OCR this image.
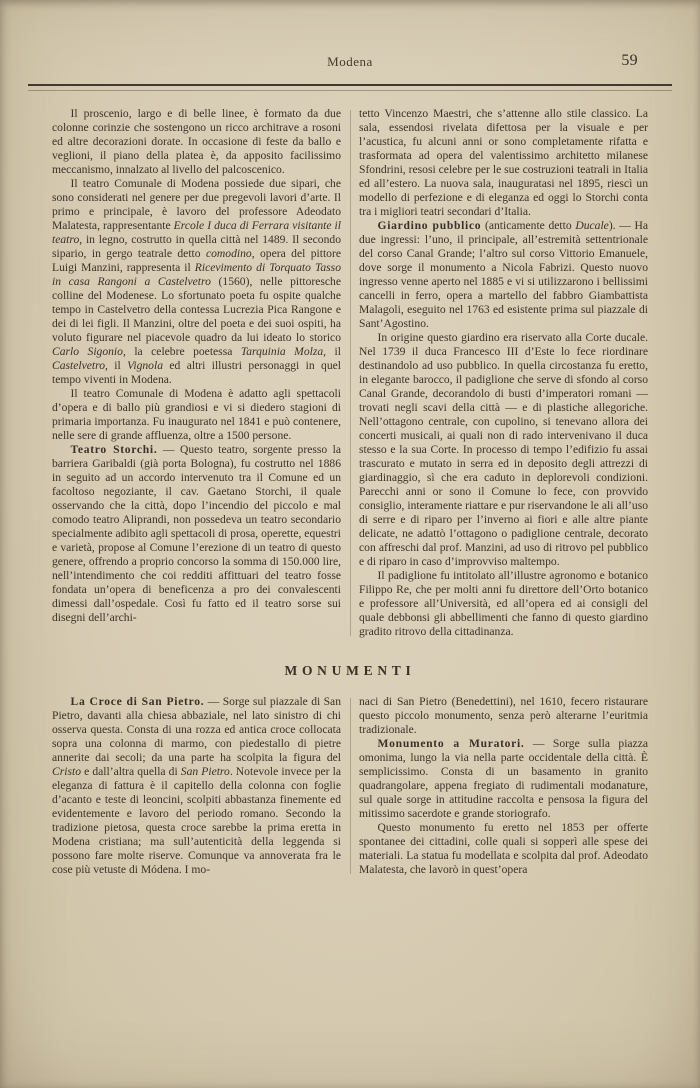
Modena	59

Il proscenio, largo e di belle linee, è formato da due colonne corinzie che sostengono un ricco architrave a rosoni ed altre decorazioni dorate. In occasione di feste da ballo e veglioni, il piano della platea è, da apposito facilissimo meccanismo, innalzato al livello del palcoscenico.

Il teatro Comunale di Modena possiede due sipari, che sono considerati nel genere per due pregevoli lavori d’arte. Il primo e principale, è lavoro del professore Adeodato Malatesta, rappresentante Ercole I duca di Ferrara visitante il teatro, in legno, costrutto in quella città nel 1489. Il secondo sipario, in gergo teatrale detto comodino, opera del pittore Luigi Manzini, rappresenta il Ricevimento di Torquato Tasso in casa Rangoni a Castelvetro (1560), nelle pittoresche colline del Modenese. Lo sfortunato poeta fu ospite qualche tempo in Castelvetro della contessa Lucrezia Pica Rangone e dei di lei figli. Il Manzini, oltre del poeta e dei suoi ospiti, ha voluto figurare nel piacevole quadro da lui ideato lo storico Carlo Sigonio, la celebre poetessa Tarquinia Molza, il Castelvetro, il Vignola ed altri illustri personaggi in quel tempo viventi in Modena.

Il teatro Comunale di Modena è adatto agli spettacoli d’opera e di ballo più grandiosi e vi si diedero stagioni di primaria importanza. Fu inaugurato nel 1841 e può contenere, nelle sere di grande affluenza, oltre a 1500 persone.

Teatro Storchi. — Questo teatro, sorgente presso la barriera Garibaldi (già porta Bologna), fu costrutto nel 1886 in seguito ad un accordo intervenuto tra il Comune ed un facoltoso negoziante, il cav. Gaetano Storchi, il quale osservando che la città, dopo l’incendio del piccolo e mal comodo teatro Aliprandi, non possedeva un teatro secondario specialmente adibito agli spettacoli di prosa, operette, equestri e varietà, propose al Comune l’erezione di un teatro di questo genere, offrendo a proprio concorso la somma di 150.000 lire, nell’intendimento che coi redditi affittuari del teatro fosse fondata un’opera di beneficenza a pro dei convalescenti dimessi dall’ospedale. Così fu fatto ed il teatro sorse sui disegni dell’archi-

tetto Vincenzo Maestri, che s’attenne allo stile classico. La sala, essendosi rivelata difettosa per la visuale e per l’acustica, fu alcuni anni or sono completamente rifatta e trasformata ad opera del valentissimo architetto milanese Sfondrini, resosi celebre per le sue costruzioni teatrali in Italia ed all’estero. La nuova sala, inauguratasi nel 1895, riescì un modello di perfezione e di eleganza ed oggi lo Storchi conta tra i migliori teatri secondari d’Italia.

Giardino pubblico (anticamente detto Ducale). — Ha due ingressi: l’uno, il principale, all’estremità settentrionale del corso Canal Grande; l’altro sul corso Vittorio Emanuele, dove sorge il monumento a Nicola Fabrizi. Questo nuovo ingresso venne aperto nel 1885 e vi si utilizzarono i bellissimi cancelli in ferro, opera a martello del fabbro Giambattista Malagoli, eseguito nel 1763 ed esistente prima sul piazzale di Sant’Agostino.

In origine questo giardino era riservato alla Corte ducale. Nel 1739 il duca Francesco III d’Este lo fece riordinare destinandolo ad uso pubblico. In quella circostanza fu eretto, in elegante barocco, il padiglione che serve di sfondo al corso Canal Grande, decorandolo di busti d’imperatori romani — trovati negli scavi della città — e di plastiche allegoriche. Nell’ottagono centrale, con cupolino, si tenevano allora dei concerti musicali, ai quali non di rado intervenivano il duca stesso e la sua Corte. In processo di tempo l’edifizio fu assai trascurato e mutato in serra ed in deposito degli attrezzi di giardinaggio, sì che era caduto in deplorevoli condizioni. Parecchi anni or sono il Comune lo fece, con provvido consiglio, interamente riattare e pur riservandone le ali all’uso di serre e di riparo per l’inverno ai fiori e alle altre piante delicate, ne adattò l’ottagono o padiglione centrale, decorato con affreschi dal prof. Manzini, ad uso di ritrovo pel pubblico e di riparo in caso d’improvviso maltempo.

Il padiglione fu intitolato all’illustre agronomo e botanico Filippo Re, che per molti anni fu direttore dell’Orto botanico e professore all’Università, ed all’opera ed ai consigli del quale debbonsi gli abbellimenti che fanno di questo giardino gradito ritrovo della cittadinanza.

MONUMENTI

La Croce di San Pietro. — Sorge sul piazzale di San Pietro, davanti alla chiesa abbaziale, nel lato sinistro di chi osserva questa. Consta di una rozza ed antica croce collocata sopra una colonna di marmo, con piedestallo di pietre annerite dai secoli; da una parte ha scolpita la figura del Cristo e dall’altra quella di San Pietro. Notevole invece per la eleganza di fattura è il capitello della colonna con foglie d’acanto e teste di leoncini, scolpiti abbastanza finemente ed evidentemente e lavoro del periodo romano. Secondo la tradizione pietosa, questa croce sarebbe la prima eretta in Modena cristiana; ma sull’autenticità della leggenda si possono fare molte riserve. Comunque va annoverata fra le cose più vetuste di Módena. I mo-

naci di San Pietro (Benedettini), nel 1610, fecero ristaurare questo piccolo monumento, senza però alterarne l’euritmia tradizionale.

Monumento a Muratori. — Sorge sulla piazza omonima, lungo la via nella parte occidentale della città. È semplicissimo. Consta di un basamento in granito quadrangolare, appena fregiato di rudimentali modanature, sul quale sorge in attitudine raccolta e pensosa la figura del mitissimo sacerdote e grande storiografo.

Questo monumento fu eretto nel 1853 per offerte spontanee dei cittadini, colle quali si sopperì alle spese dei materiali. La statua fu modellata e scolpita dal prof. Adeodato Malatesta, che lavorò in quest’opera
